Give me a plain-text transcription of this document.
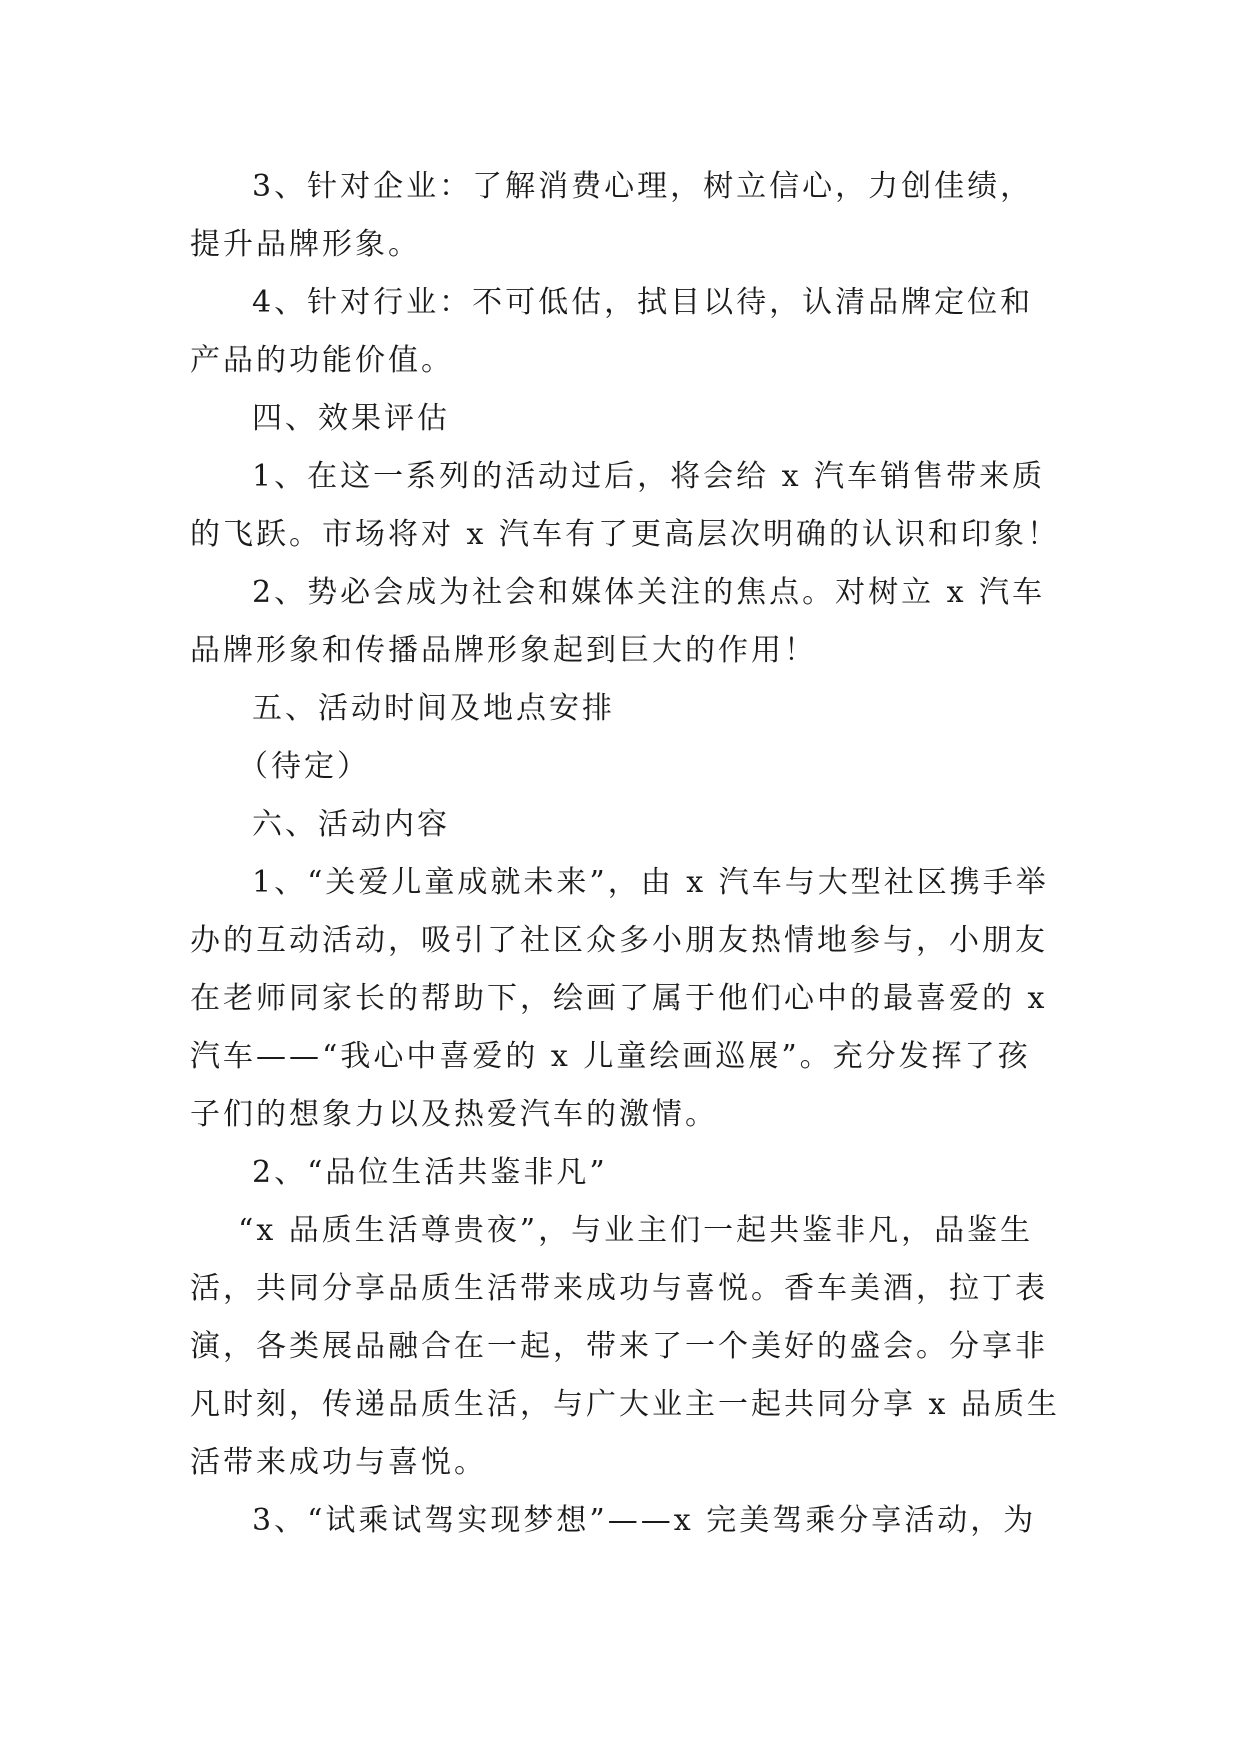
3、针对企业：了解消费心理，树立信心，力创佳绩，
提升品牌形象。

4、针对行业：不可低估，拭目以待，认清品牌定位和
产品的功能价值。

四、效果评估

1、在这一系列的活动过后，将会给 x 汽车销售带来质
的飞跃。市场将对 x 汽车有了更高层次明确的认识和印象！

2、势必会成为社会和媒体关注的焦点。对树立 x 汽车
品牌形象和传播品牌形象起到巨大的作用！

五、活动时间及地点安排

（待定）

六、活动内容

1、“关爱儿童成就未来”，由 x 汽车与大型社区携手举
办的互动活动，吸引了社区众多小朋友热情地参与，小朋友
在老师同家长的帮助下，绘画了属于他们心中的最喜爱的 x
汽车——“我心中喜爱的 x 儿童绘画巡展”。充分发挥了孩
子们的想象力以及热爱汽车的激情。

2、“品位生活共鉴非凡”

“x 品质生活尊贵夜”，与业主们一起共鉴非凡，品鉴生
活，共同分享品质生活带来成功与喜悦。香车美酒，拉丁表
演，各类展品融合在一起，带来了一个美好的盛会。分享非
凡时刻，传递品质生活，与广大业主一起共同分享 x 品质生
活带来成功与喜悦。

3、“试乘试驾实现梦想”——x 完美驾乘分享活动，为
